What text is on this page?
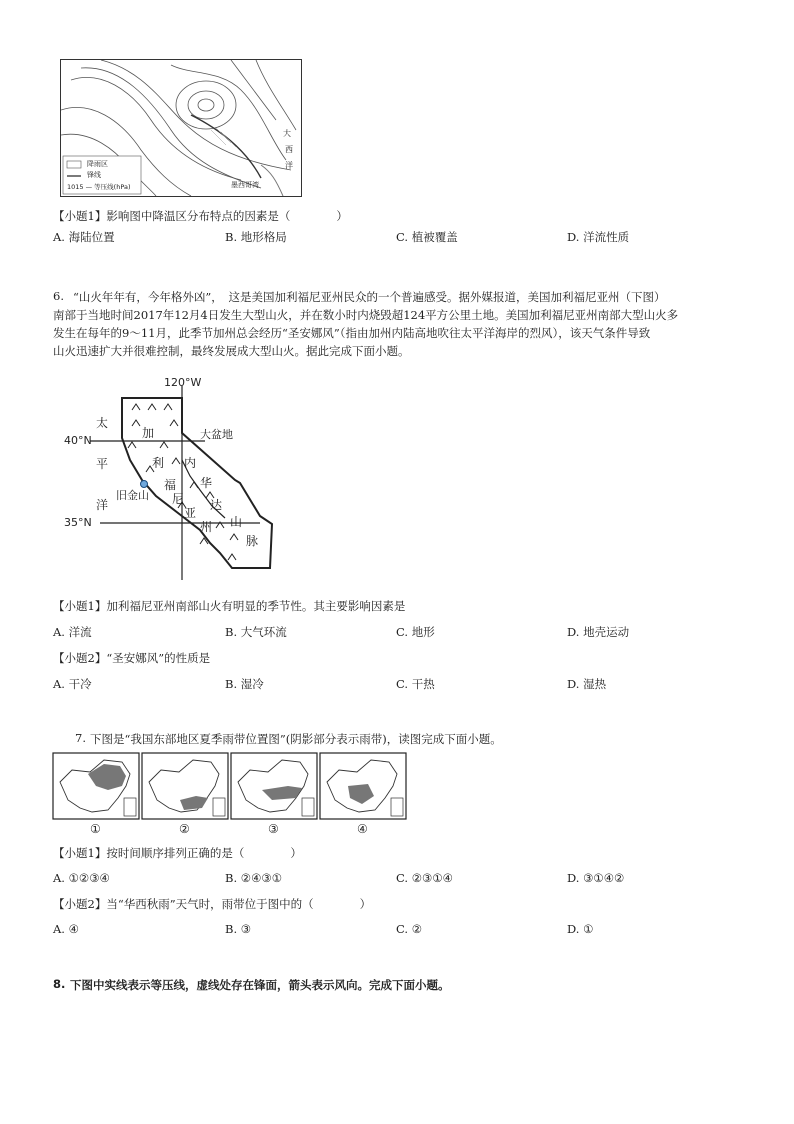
降雨区
锋线
1015 — 等压线(hPa)
大
西
洋
墨西哥湾
【小题1】影响图中降温区分布特点的因素是（　　　　）
A. 海陆位置	B. 地形格局	C. 植被覆盖	D. 洋流性质
6. “山火年年有，今年格外凶”，　这是美国加利福尼亚州民众的一个普遍感受。据外媒报道，美国加利福尼亚州（下图）
南部于当地时间2017年12月4日发生大型山火，并在数小时内烧毁超124平方公里土地。美国加利福尼亚州南部大型山火多
发生在每年的9～11月，此季节加州总会经历“圣安娜风”（指由加州内陆高地吹往太平洋海岸的烈风），该天气条件导致
山火迅速扩大并很难控制，最终发展成大型山火。据此完成下面小题。
120°W
40°N
35°N
大盆地
旧金山
太
平
洋
加
利
福
尼
亚
州
内
华
达
山
脉
【小题1】加利福尼亚州南部山火有明显的季节性。其主要影响因素是
A. 洋流	B. 大气环流	C. 地形	D. 地壳运动
【小题2】“圣安娜风”的性质是
A. 干冷	B. 湿冷	C. 干热	D. 湿热
7. 下图是“我国东部地区夏季雨带位置图”(阴影部分表示雨带)，读图完成下面小题。
①	②	③	④
【小题1】按时间顺序排列正确的是（　　　　）
A. ①②③④	B. ②④③①	C. ②③①④	D. ③①④②
【小题2】当“华西秋雨”天气时，雨带位于图中的（　　　　）
A. ④	B. ③	C. ②	D. ①
8. 下图中实线表示等压线，虚线处存在锋面，箭头表示风向。完成下面小题。
